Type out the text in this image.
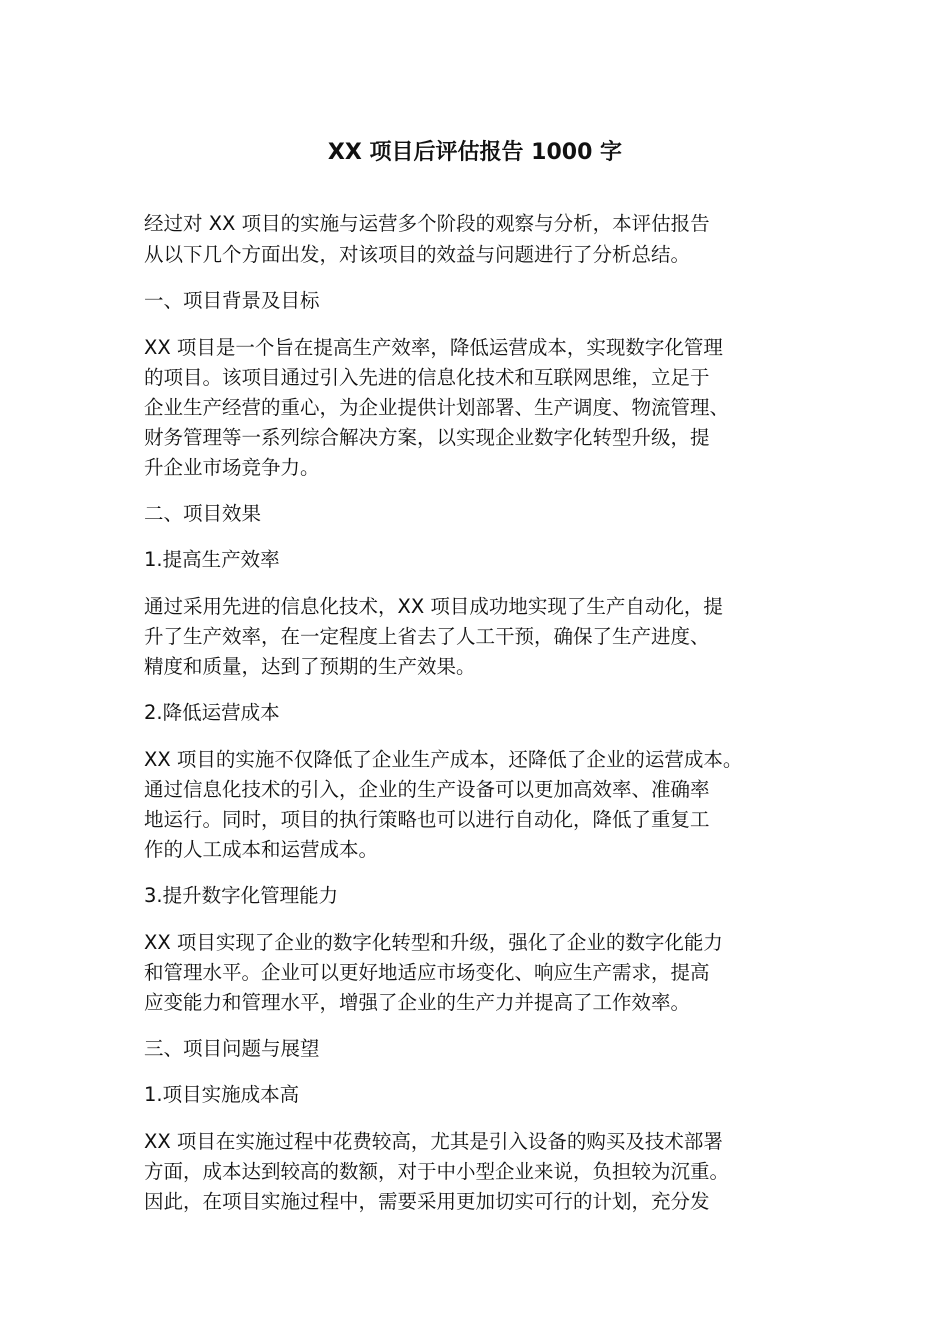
XX 项目后评估报告 1000 字

经过对 XX 项目的实施与运营多个阶段的观察与分析，本评估报告

从以下几个方面出发，对该项目的效益与问题进行了分析总结。

一、项目背景及目标

XX 项目是一个旨在提高生产效率，降低运营成本，实现数字化管理

的项目。该项目通过引入先进的信息化技术和互联网思维，立足于

企业生产经营的重心，为企业提供计划部署、生产调度、物流管理、

财务管理等一系列综合解决方案，以实现企业数字化转型升级，提

升企业市场竞争力。

二、项目效果

1.提高生产效率

通过采用先进的信息化技术，XX 项目成功地实现了生产自动化，提

升了生产效率，在一定程度上省去了人工干预，确保了生产进度、

精度和质量，达到了预期的生产效果。

2.降低运营成本

XX 项目的实施不仅降低了企业生产成本，还降低了企业的运营成本。

通过信息化技术的引入，企业的生产设备可以更加高效率、准确率

地运行。同时，项目的执行策略也可以进行自动化，降低了重复工

作的人工成本和运营成本。

3.提升数字化管理能力

XX 项目实现了企业的数字化转型和升级，强化了企业的数字化能力

和管理水平。企业可以更好地适应市场变化、响应生产需求，提高

应变能力和管理水平，增强了企业的生产力并提高了工作效率。

三、项目问题与展望

1.项目实施成本高

XX 项目在实施过程中花费较高，尤其是引入设备的购买及技术部署

方面，成本达到较高的数额，对于中小型企业来说，负担较为沉重。

因此，在项目实施过程中，需要采用更加切实可行的计划，充分发
